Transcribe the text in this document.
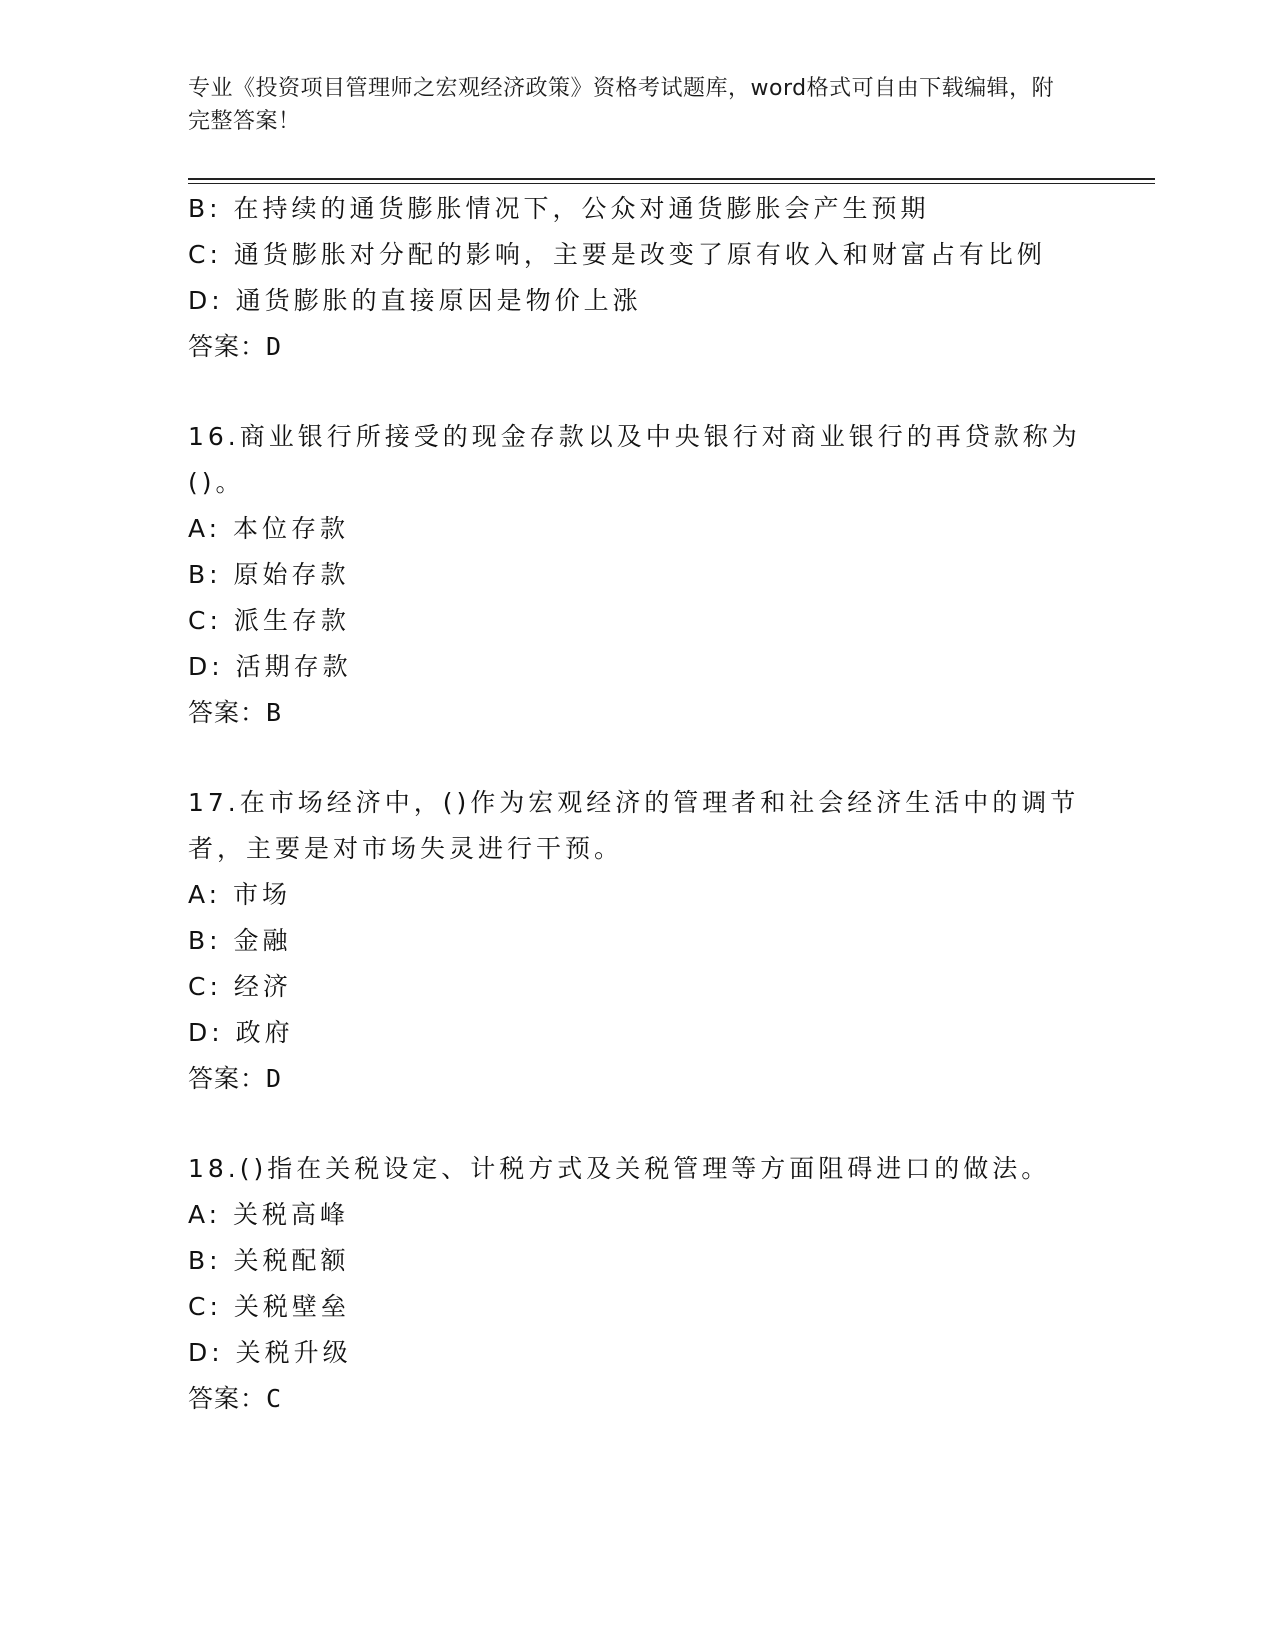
专业《投资项目管理师之宏观经济政策》资格考试题库，word格式可自由下载编辑，附完整答案！
B: 在持续的通货膨胀情况下，公众对通货膨胀会产生预期
C: 通货膨胀对分配的影响，主要是改变了原有收入和财富占有比例
D: 通货膨胀的直接原因是物价上涨
答案：D
16.商业银行所接受的现金存款以及中央银行对商业银行的再贷款称为()。
A: 本位存款
B: 原始存款
C: 派生存款
D: 活期存款
答案：B
17.在市场经济中，()作为宏观经济的管理者和社会经济生活中的调节者，主要是对市场失灵进行干预。
A: 市场
B: 金融
C: 经济
D: 政府
答案：D
18.()指在关税设定、计税方式及关税管理等方面阻碍进口的做法。
A: 关税高峰
B: 关税配额
C: 关税壁垒
D: 关税升级
答案：C
